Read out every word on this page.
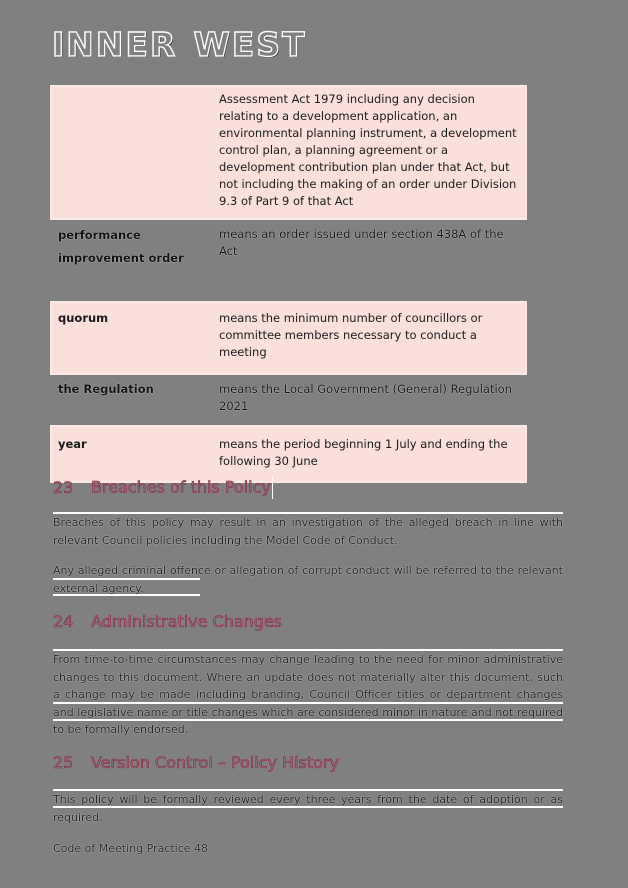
INNER WEST
	Assessment Act 1979 including any decision relating to a development application, an environmental planning instrument, a development control plan, a planning agreement or a development contribution plan under that Act, but not including the making of an order under Division 9.3 of Part 9 of that Act
performance improvement order	means an order issued under section 438A of the Act
quorum	means the minimum number of councillors or committee members necessary to conduct a meeting
the Regulation	means the Local Government (General) Regulation 2021
year	means the period beginning 1 July and ending the following 30 June
23 Breaches of this Policy
Breaches of this policy may result in an investigation of the alleged breach in line with relevant Council policies including the Model Code of Conduct.
Any alleged criminal offence or allegation of corrupt conduct will be referred to the relevant external agency.
24 Administrative Changes
From time-to-time circumstances may change leading to the need for minor administrative changes to this document. Where an update does not materially alter this document, such a change may be made including branding, Council Officer titles or department changes and legislative name or title changes which are considered minor in nature and not required to be formally endorsed.
25 Version Control – Policy History
This policy will be formally reviewed every three years from the date of adoption or as required.
Code of Meeting Practice 48
